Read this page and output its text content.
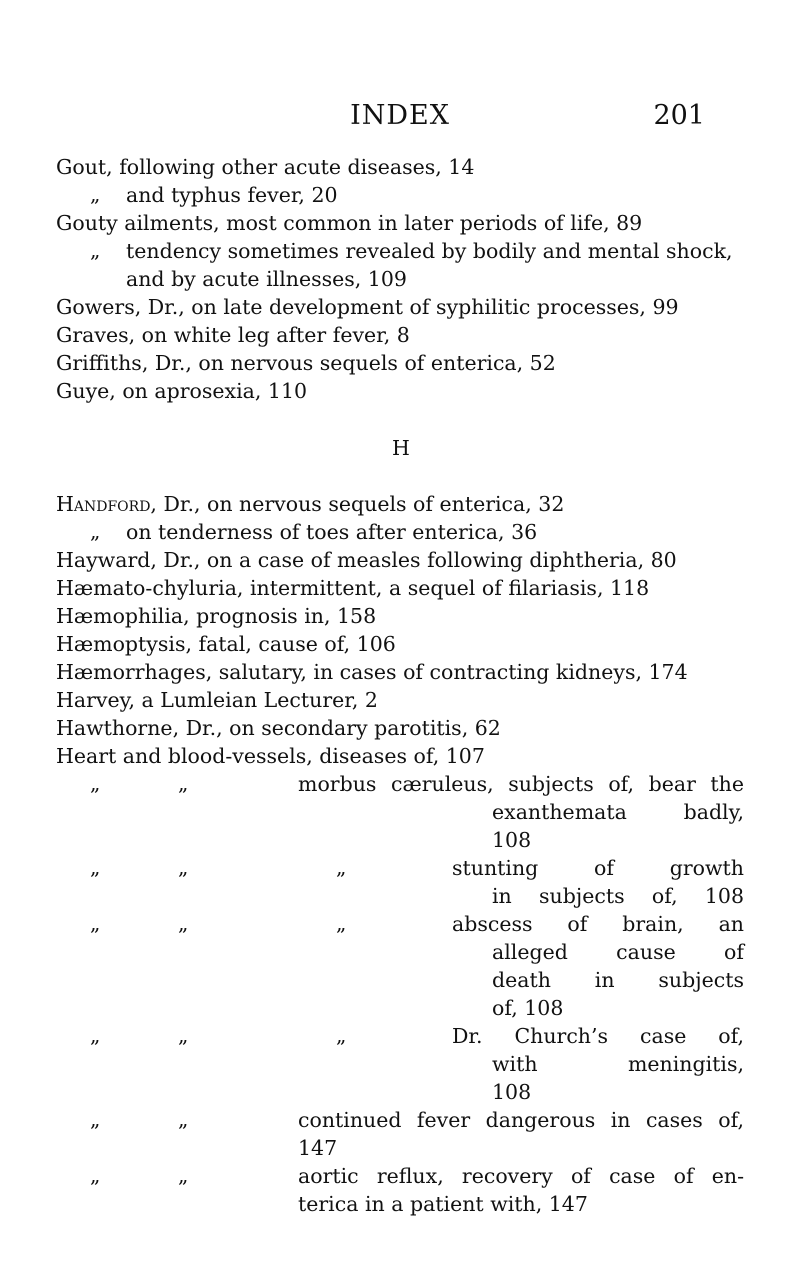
INDEX	201
Gout, following other acute diseases, 14
„ and typhus fever, 20
Gouty ailments, most common in later periods of life, 89
„ tendency sometimes revealed by bodily and mental shock,
and by acute illnesses, 109
Gowers, Dr., on late development of syphilitic processes, 99
Graves, on white leg after fever, 8
Griffiths, Dr., on nervous sequels of enterica, 52
Guye, on aprosexia, 110
H
Handford, Dr., on nervous sequels of enterica, 32
„ on tenderness of toes after enterica, 36
Hayward, Dr., on a case of measles following diphtheria, 80
Hæmato-chyluria, intermittent, a sequel of filariasis, 118
Hæmophilia, prognosis in, 158
Hæmoptysis, fatal, cause of, 106
Hæmorrhages, salutary, in cases of contracting kidneys, 174
Harvey, a Lumleian Lecturer, 2
Hawthorne, Dr., on secondary parotitis, 62
Heart and blood-vessels, diseases of, 107
„	„	morbus cæruleus, subjects of, bear the
exanthemata badly,
108
„	„	„	stunting of growth
in subjects of, 108
„	„	„	abscess of brain, an
alleged cause of
death in subjects
of, 108
„	„	„	Dr. Church’s case of,
with meningitis,
108
„	„	continued fever dangerous in cases of,
147
„	„	aortic reflux, recovery of case of en-
terica in a patient with, 147
